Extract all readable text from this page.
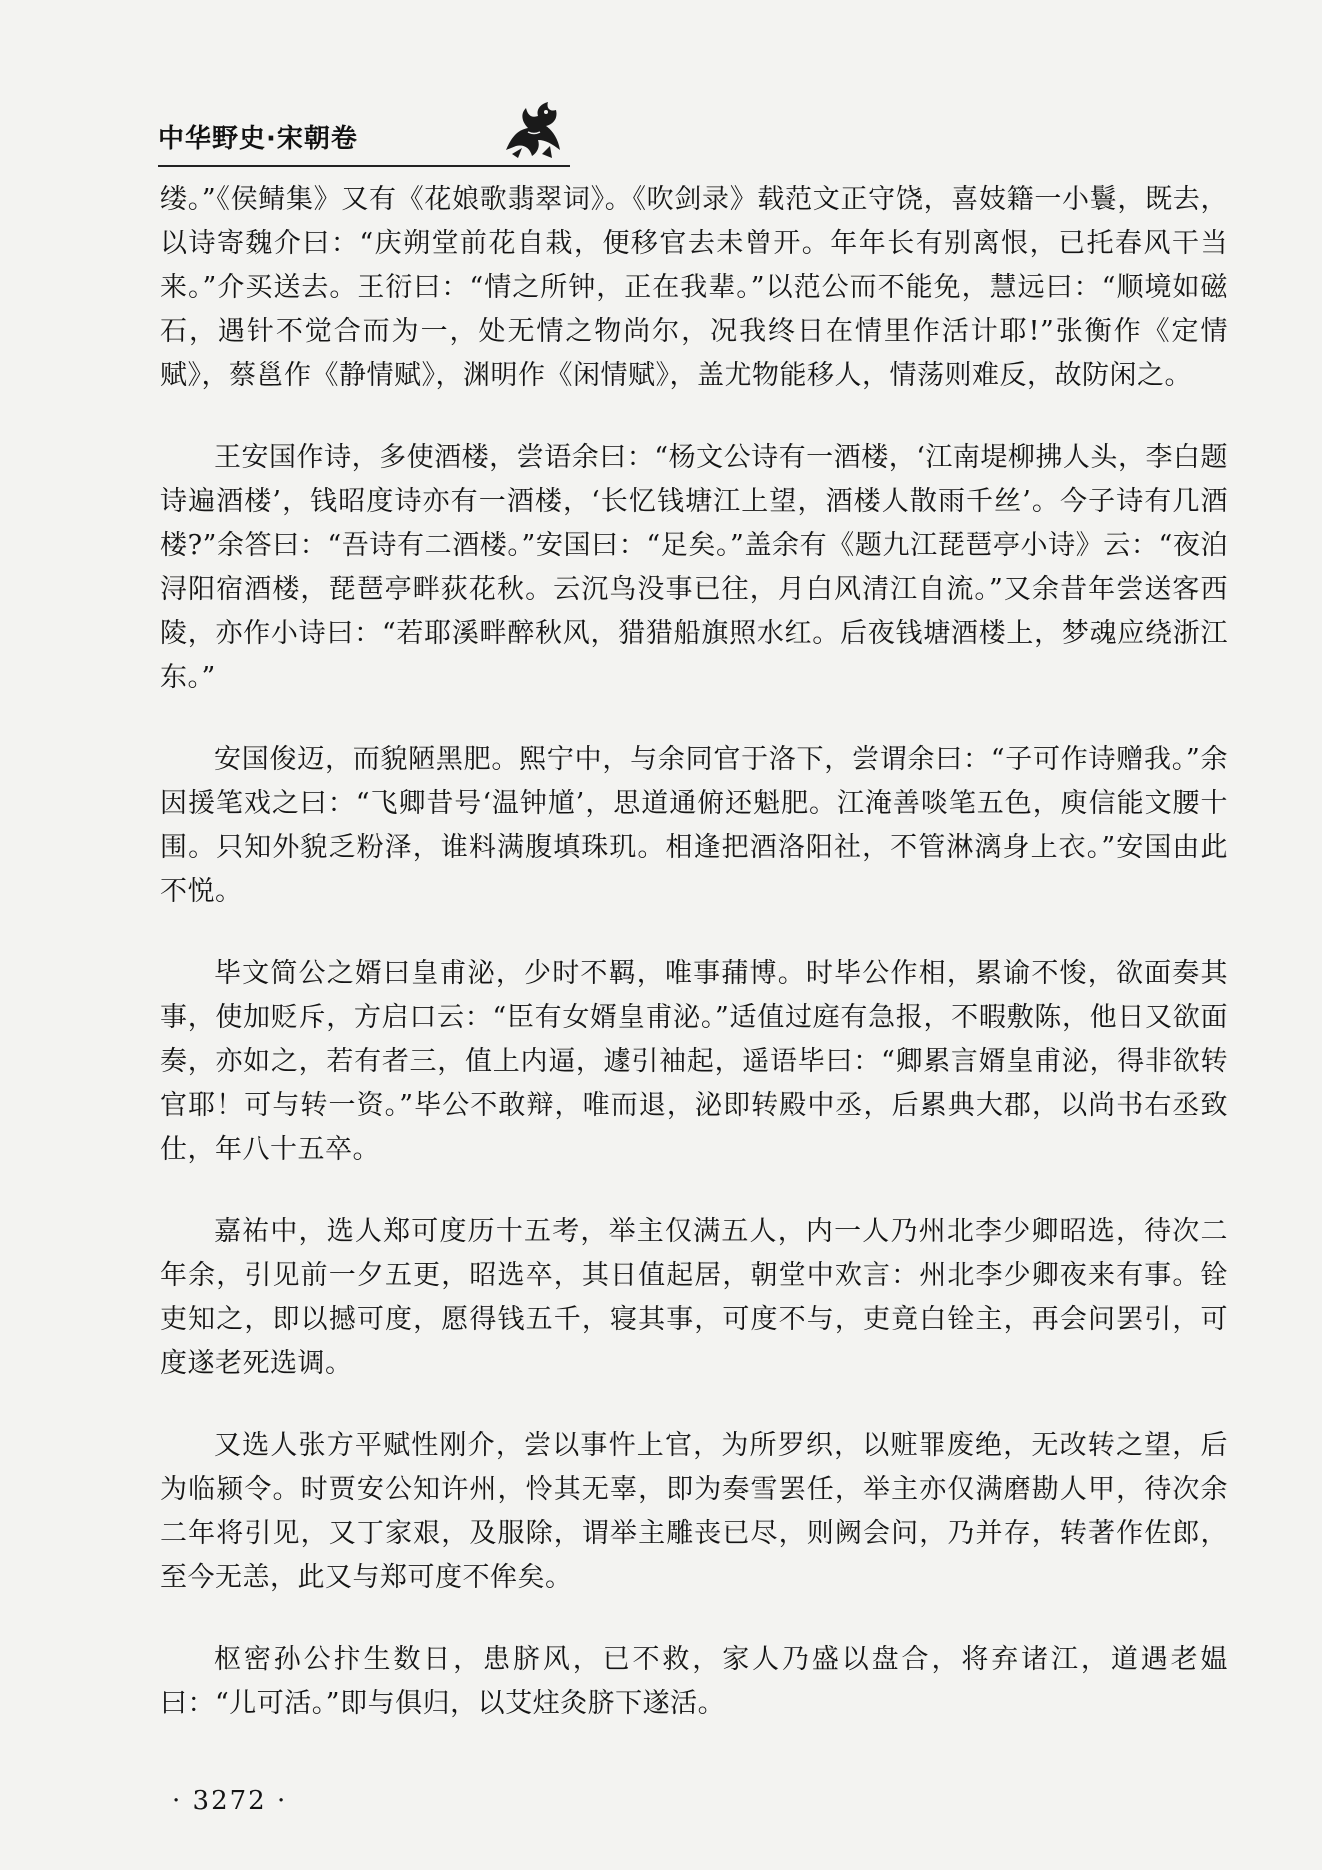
中华野史·宋朝卷

缕。”《侯鲭集》又有《花娘歌翡翠词》。《吹剑录》载范文正守饶，喜妓籍一小鬟，既去，以诗寄魏介曰：“庆朔堂前花自栽，便移官去未曾开。年年长有别离恨，已托春风干当来。”介买送去。王衍曰：“情之所钟，正在我辈。”以范公而不能免，慧远曰：“顺境如磁石，遇针不觉合而为一，处无情之物尚尔，况我终日在情里作活计耶!”张衡作《定情赋》，蔡邕作《静情赋》，渊明作《闲情赋》，盖尤物能移人，情荡则难反，故防闲之。

王安国作诗，多使酒楼，尝语余曰：“杨文公诗有一酒楼，‘江南堤柳拂人头，李白题诗遍酒楼’，钱昭度诗亦有一酒楼，‘长忆钱塘江上望，酒楼人散雨千丝’。今子诗有几酒楼?”余答曰：“吾诗有二酒楼。”安国曰：“足矣。”盖余有《题九江琵琶亭小诗》云：“夜泊浔阳宿酒楼，琵琶亭畔荻花秋。云沉鸟没事已往，月白风清江自流。”又余昔年尝送客西陵，亦作小诗曰：“若耶溪畔醉秋风，猎猎船旗照水红。后夜钱塘酒楼上，梦魂应绕浙江东。”

安国俊迈，而貌陋黑肥。熙宁中，与余同官于洛下，尝谓余曰：“子可作诗赠我。”余因援笔戏之曰：“飞卿昔号‘温钟馗’，思道通俯还魁肥。江淹善啖笔五色，庾信能文腰十围。只知外貌乏粉泽，谁料满腹填珠玑。相逢把酒洛阳社，不管淋漓身上衣。”安国由此不悦。

毕文简公之婿曰皇甫泌，少时不羁，唯事蒱博。时毕公作相，累谕不悛，欲面奏其事，使加贬斥，方启口云：“臣有女婿皇甫泌。”适值过庭有急报，不暇敷陈，他日又欲面奏，亦如之，若有者三，值上内逼，遽引袖起，遥语毕曰：“卿累言婿皇甫泌，得非欲转官耶！可与转一资。”毕公不敢辩，唯而退，泌即转殿中丞，后累典大郡，以尚书右丞致仕，年八十五卒。

嘉祐中，选人郑可度历十五考，举主仅满五人，内一人乃州北李少卿昭选，待次二年余，引见前一夕五更，昭选卒，其日值起居，朝堂中欢言：州北李少卿夜来有事。铨吏知之，即以撼可度，愿得钱五千，寝其事，可度不与，吏竟白铨主，再会问罢引，可度遂老死选调。

又选人张方平赋性刚介，尝以事忤上官，为所罗织，以赃罪废绝，无改转之望，后为临颍令。时贾安公知许州，怜其无辜，即为奏雪罢任，举主亦仅满磨勘人甲，待次余二年将引见，又丁家艰，及服除，谓举主雕丧已尽，则阙会问，乃并存，转著作佐郎，至今无恙，此又与郑可度不侔矣。

枢密孙公抃生数日，患脐风，已不救，家人乃盛以盘合，将弃诸江，道遇老媪曰：“儿可活。”即与俱归，以艾炷灸脐下遂活。

· 3272 ·
